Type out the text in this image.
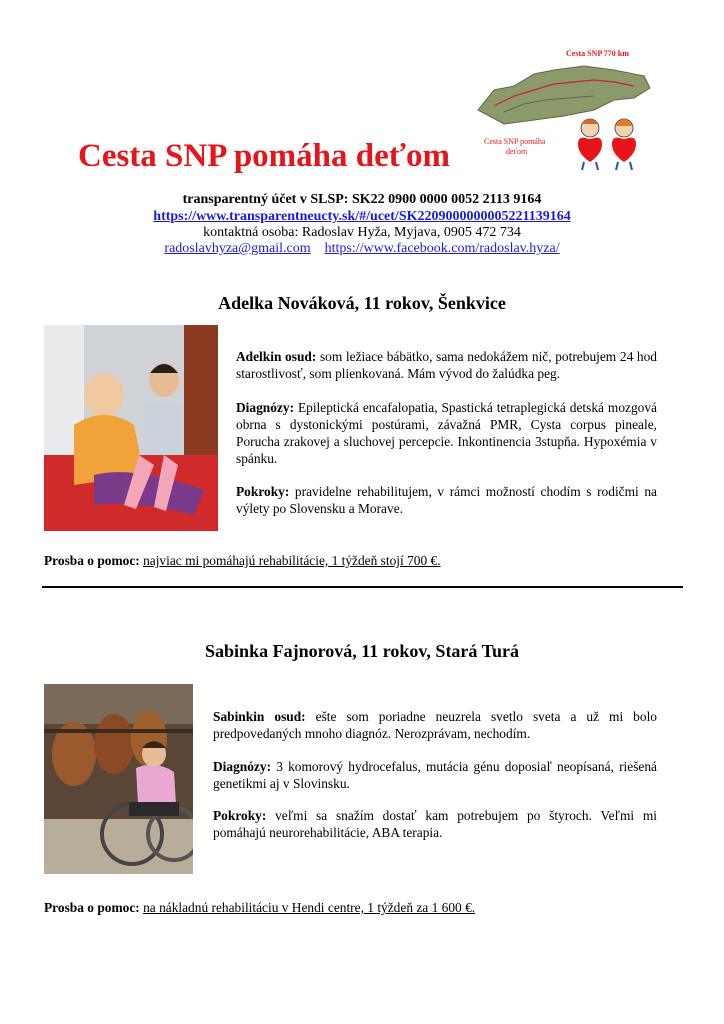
Cesta SNP pomáha deťom
Cesta SNP 770 km
Cesta SNP pomáha
deťom
transparentný účet v SLSP: SK22 0900 0000 0052 2113 9164
https://www.transparentneucty.sk/#/ucet/SK2209000000005221139164
kontaktná osoba: Radoslav Hyža, Myjava, 0905 472 734
radoslavhyza@gmail.com https://www.facebook.com/radoslav.hyza/
Adelka Nováková, 11 rokov, Šenkvice
Adelkin osud: som ležiace bábätko, sama nedokážem nič, potrebujem 24 hod starostlivosť, som plienkovaná. Mám vývod do žalúdka peg.
Diagnózy: Epileptická encafalopatia, Spastická tetraplegická detská mozgová obrna s dystonickými postúrami, závažná PMR, Cysta corpus pineale, Porucha zrakovej a sluchovej percepcie. Inkontinencia 3stupňa. Hypoxémia v spánku.
Pokroky: pravidelne rehabilitujem, v rámci možností chodím s rodičmi na výlety po Slovensku a Morave.
Prosba o pomoc: najviac mi pomáhajú rehabilitácie, 1 týždeň stojí 700 €.
Sabinka Fajnorová, 11 rokov, Stará Turá
Sabinkin osud: ešte som poriadne neuzrela svetlo sveta a už mi bolo predpovedaných mnoho diagnóz. Nerozprávam, nechodím.
Diagnózy: 3 komorový hydrocefalus, mutácia génu doposiaľ neopísaná, riešená genetikmi aj v Slovinsku.
Pokroky: veľmi sa snažím dostať kam potrebujem po štyroch. Veľmi mi pomáhajú neurorehabilitácie, ABA terapia.
Prosba o pomoc: na nákladnú rehabilitáciu v Hendi centre, 1 týždeň za 1 600 €.
